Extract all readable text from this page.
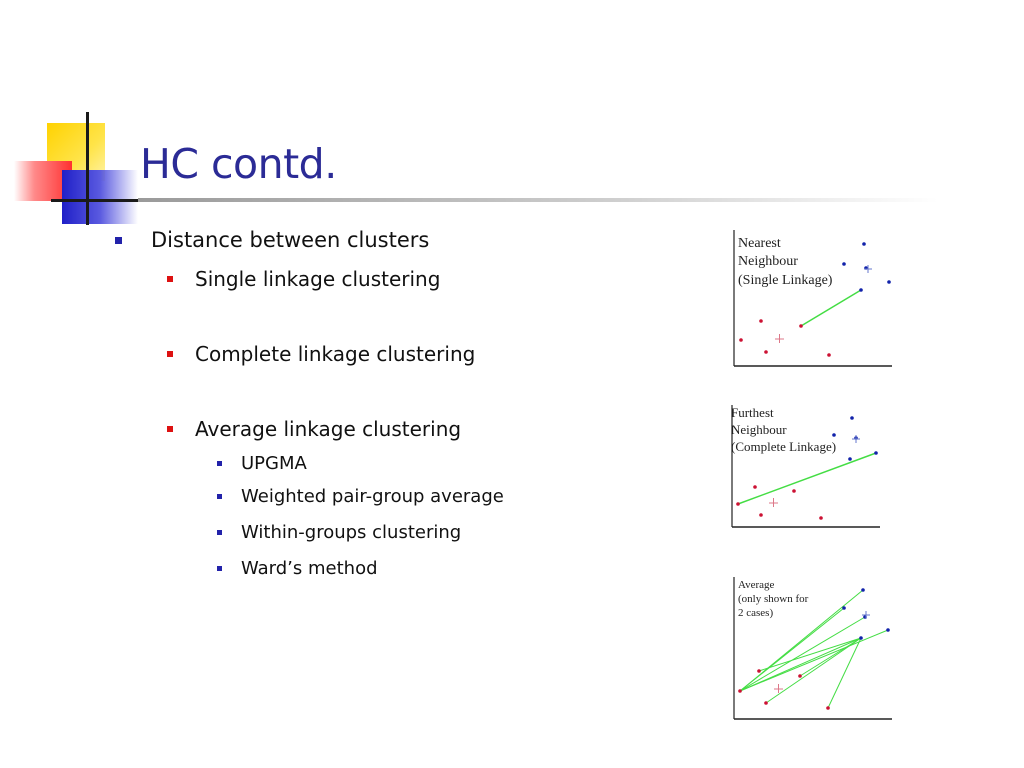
HC contd.
Distance between clusters
Single linkage clustering
Complete linkage clustering
Average linkage clustering
UPGMA
Weighted pair-group average
Within-groups clustering
Ward’s method
Nearest
Neighbour
(Single Linkage)
Furthest
Neighbour
(Complete Linkage)
Average
(only shown for
2 cases)
